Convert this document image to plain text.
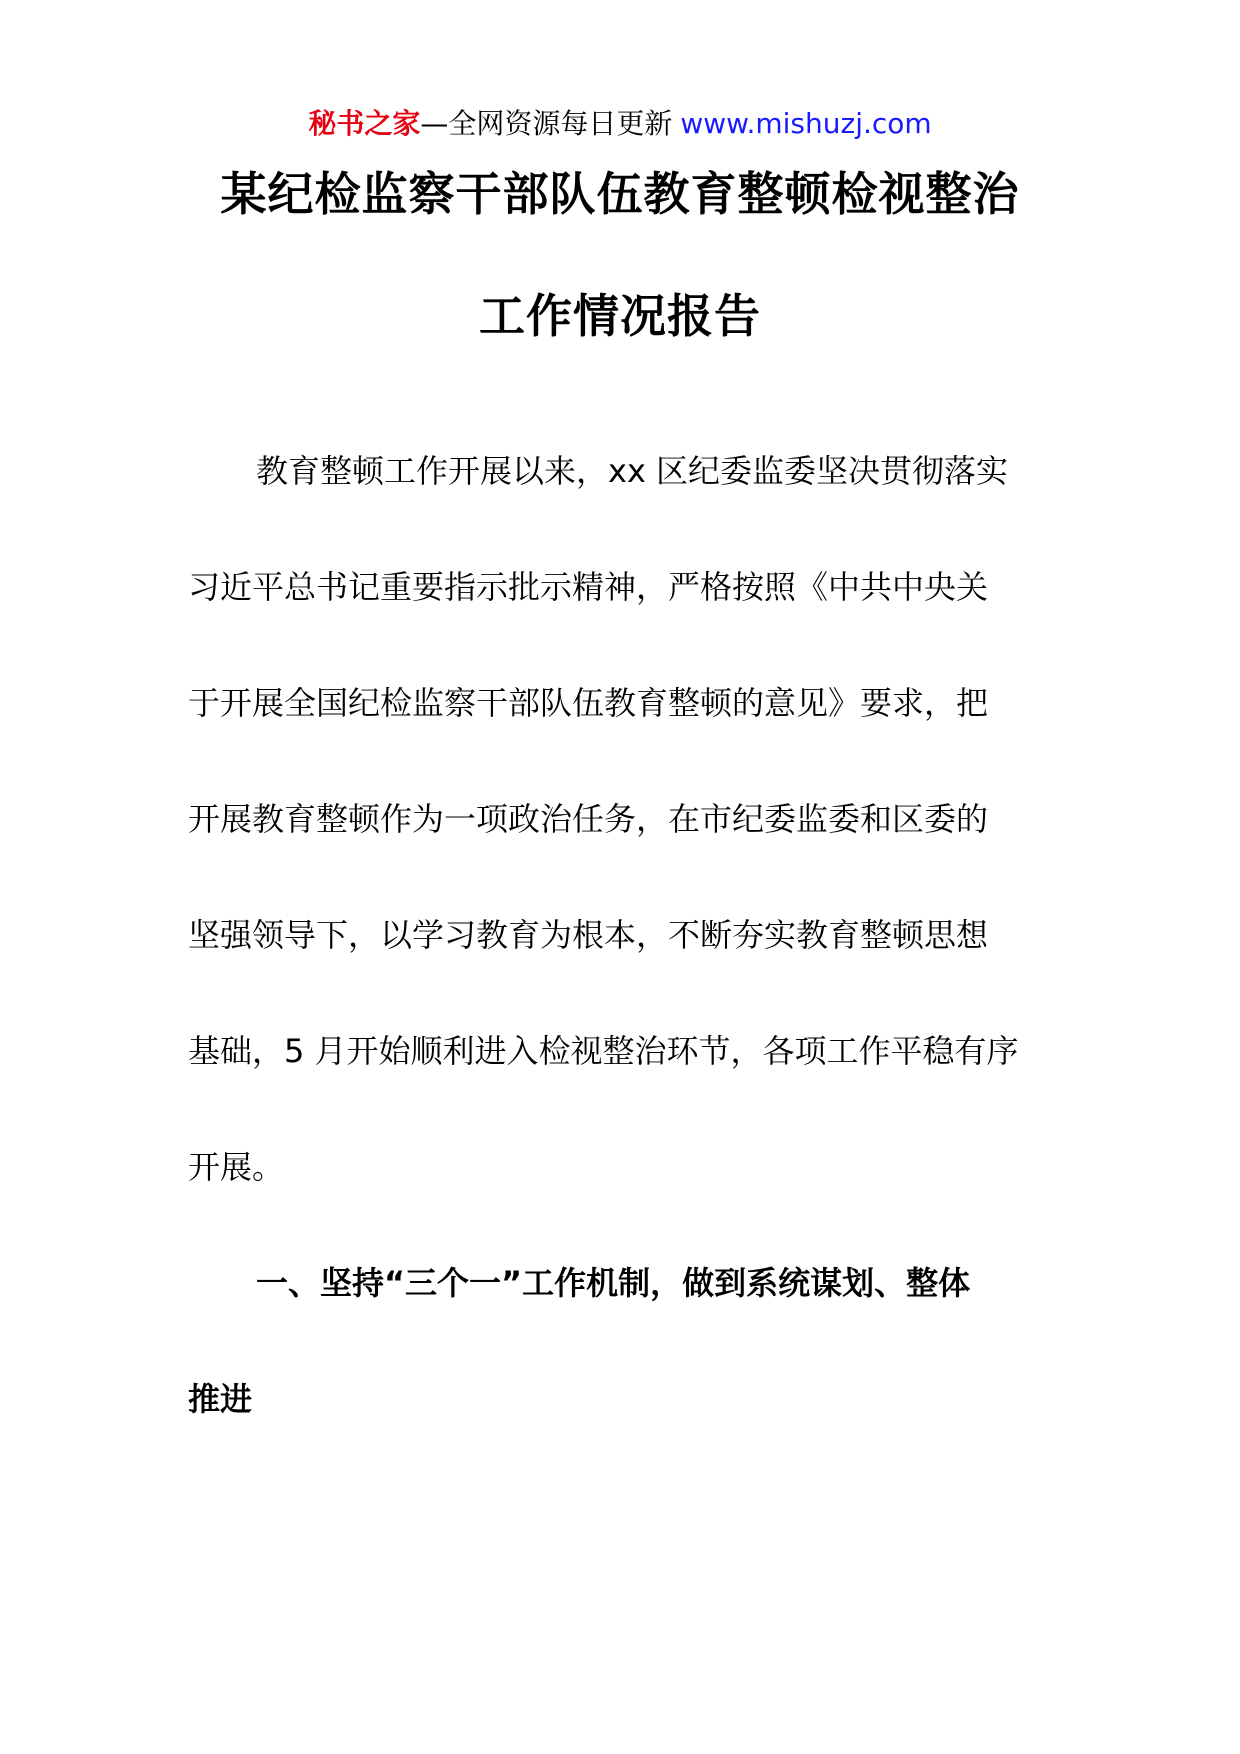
秘书之家—全网资源每日更新 www.mishuzj.com
某纪检监察干部队伍教育整顿检视整治
工作情况报告
教育整顿工作开展以来，xx 区纪委监委坚决贯彻落实
习近平总书记重要指示批示精神，严格按照《中共中央关
于开展全国纪检监察干部队伍教育整顿的意见》要求，把
开展教育整顿作为一项政治任务，在市纪委监委和区委的
坚强领导下，以学习教育为根本，不断夯实教育整顿思想
基础，5 月开始顺利进入检视整治环节，各项工作平稳有序
开展。
一、坚持“三个一”工作机制，做到系统谋划、整体
推进
